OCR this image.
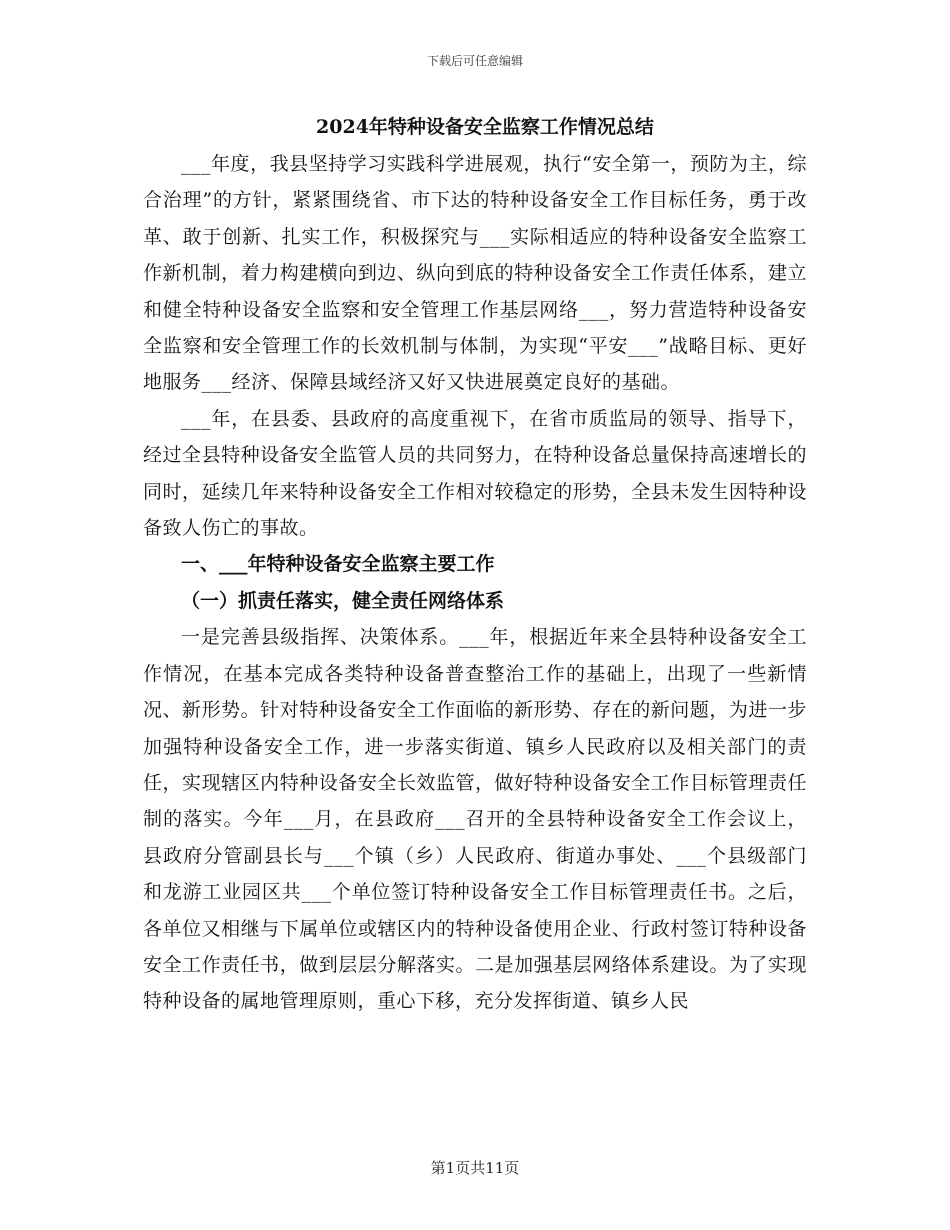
下载后可任意编辑
2024年特种设备安全监察工作情况总结

___年度，我县坚持学习实践科学进展观，执行“安全第一，预防为主，综合治理”的方针，紧紧围绕省、市下达的特种设备安全工作目标任务，勇于改革、敢于创新、扎实工作，积极探究与___实际相适应的特种设备安全监察工作新机制，着力构建横向到边、纵向到底的特种设备安全工作责任体系，建立和健全特种设备安全监察和安全管理工作基层网络___，努力营造特种设备安全监察和安全管理工作的长效机制与体制，为实现“平安___”战略目标、更好地服务___经济、保障县域经济又好又快进展奠定良好的基础。

___年，在县委、县政府的高度重视下，在省市质监局的领导、指导下，经过全县特种设备安全监管人员的共同努力，在特种设备总量保持高速增长的同时，延续几年来特种设备安全工作相对较稳定的形势，全县未发生因特种设备致人伤亡的事故。

一、___年特种设备安全监察主要工作

（一）抓责任落实，健全责任网络体系

一是完善县级指挥、决策体系。___年，根据近年来全县特种设备安全工作情况，在基本完成各类特种设备普查整治工作的基础上，出现了一些新情况、新形势。针对特种设备安全工作面临的新形势、存在的新问题，为进一步加强特种设备安全工作，进一步落实街道、镇乡人民政府以及相关部门的责任，实现辖区内特种设备安全长效监管，做好特种设备安全工作目标管理责任制的落实。今年___月，在县政府___召开的全县特种设备安全工作会议上，县政府分管副县长与___个镇（乡）人民政府、街道办事处、___个县级部门和龙游工业园区共___个单位签订特种设备安全工作目标管理责任书。之后，各单位又相继与下属单位或辖区内的特种设备使用企业、行政村签订特种设备安全工作责任书，做到层层分解落实。二是加强基层网络体系建设。为了实现特种设备的属地管理原则，重心下移，充分发挥街道、镇乡人民

第1页共11页
